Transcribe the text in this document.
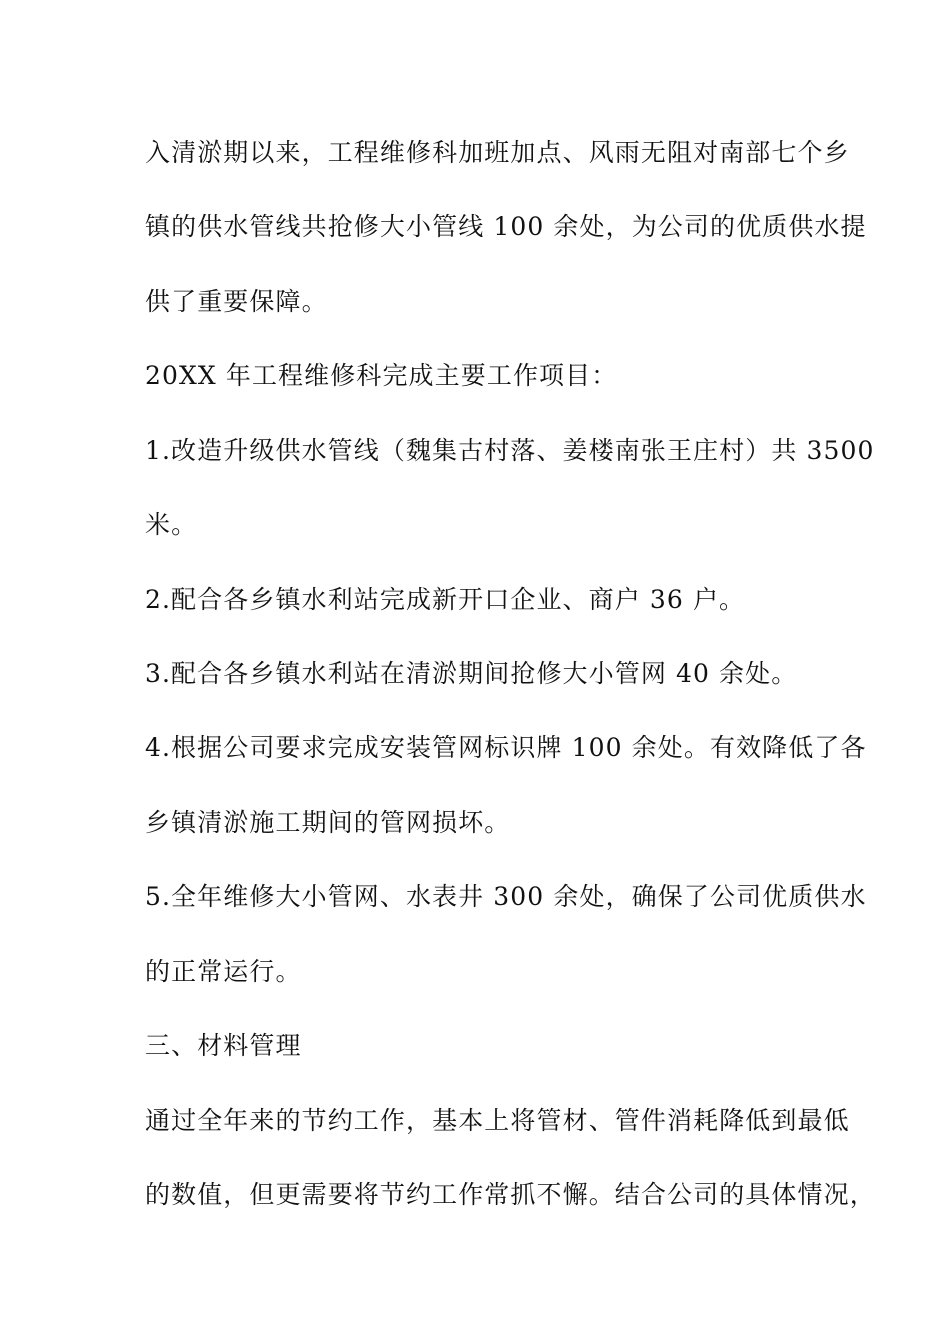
入清淤期以来，工程维修科加班加点、风雨无阻对南部七个乡
镇的供水管线共抢修大小管线 100 余处，为公司的优质供水提
供了重要保障。
20XX 年工程维修科完成主要工作项目：
1.改造升级供水管线（魏集古村落、姜楼南张王庄村）共 3500
米。
2.配合各乡镇水利站完成新开口企业、商户 36 户。
3.配合各乡镇水利站在清淤期间抢修大小管网 40 余处。
4.根据公司要求完成安装管网标识牌 100 余处。有效降低了各
乡镇清淤施工期间的管网损坏。
5.全年维修大小管网、水表井 300 余处，确保了公司优质供水
的正常运行。
三、材料管理
通过全年来的节约工作，基本上将管材、管件消耗降低到最低
的数值，但更需要将节约工作常抓不懈。结合公司的具体情况，
